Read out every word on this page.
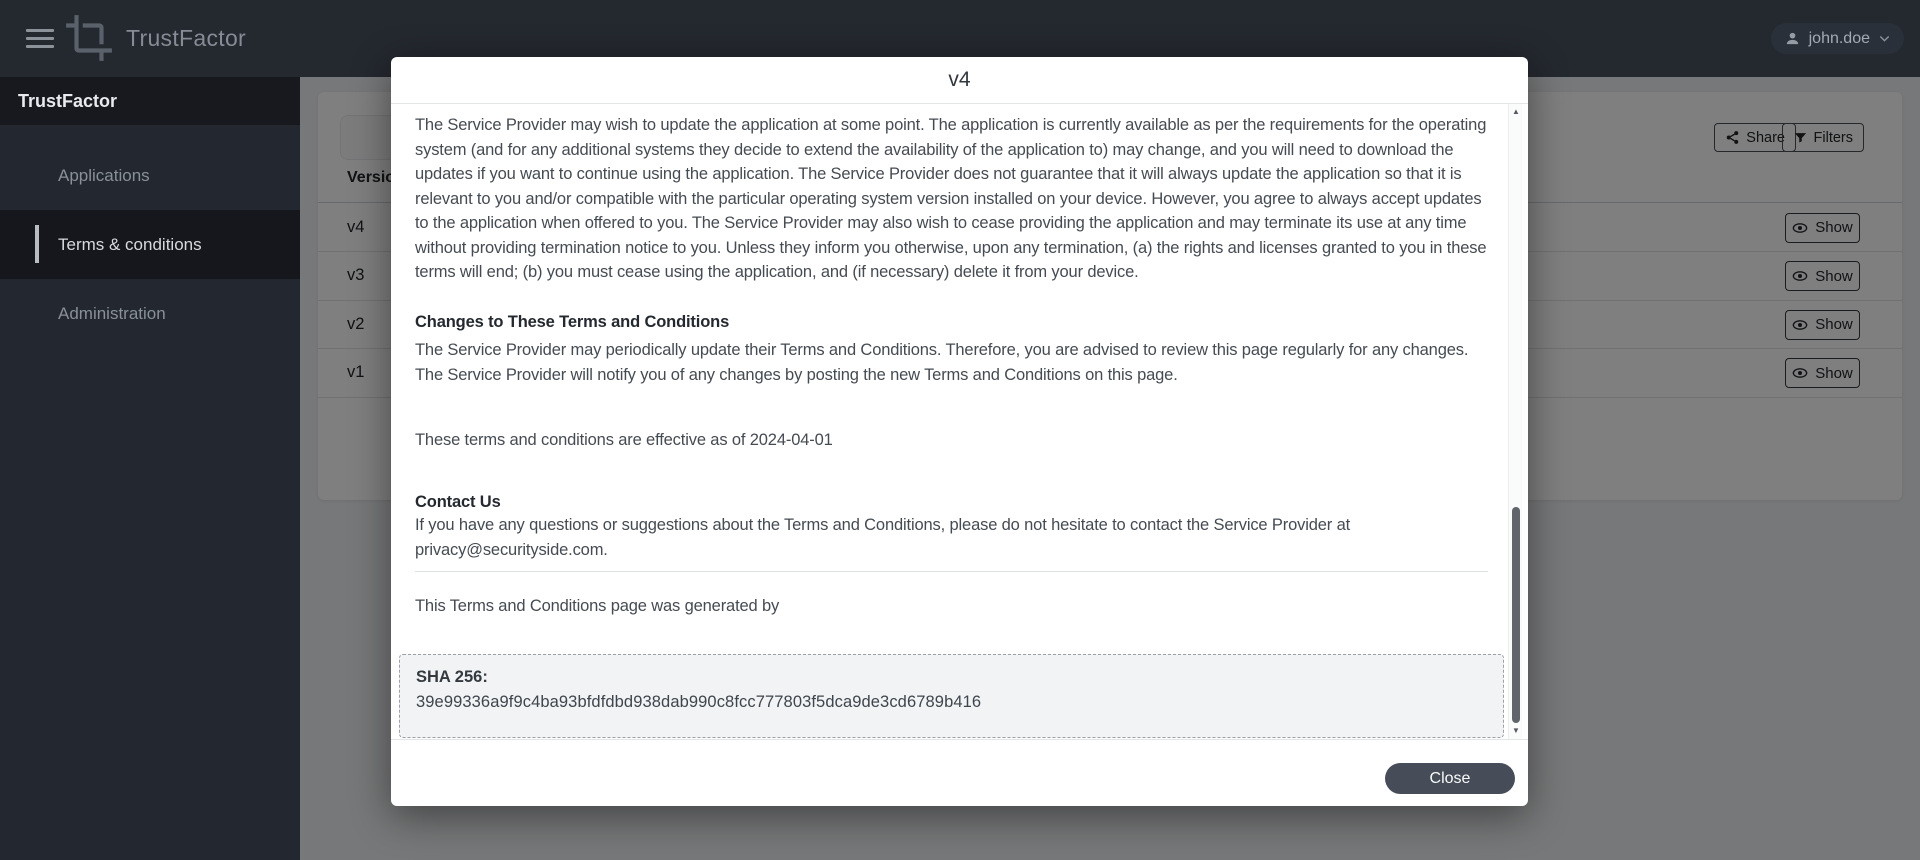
TrustFactor	john.doe
TrustFactor
Applications
Terms & conditions
Administration
v4

The Service Provider may wish to update the application at some point. The application is currently available as per the requirements for the operating system (and for any additional systems they decide to extend the availability of the application to) may change, and you will need to download the updates if you want to continue using the application. The Service Provider does not guarantee that it will always update the application so that it is relevant to you and/or compatible with the particular operating system version installed on your device. However, you agree to always accept updates to the application when offered to you. The Service Provider may also wish to cease providing the application and may terminate its use at any time without providing termination notice to you. Unless they inform you otherwise, upon any termination, (a) the rights and licenses granted to you in these terms will end; (b) you must cease using the application, and (if necessary) delete it from your device.

Changes to These Terms and Conditions

The Service Provider may periodically update their Terms and Conditions. Therefore, you are advised to review this page regularly for any changes. The Service Provider will notify you of any changes by posting the new Terms and Conditions on this page.

These terms and conditions are effective as of 2024-04-01

Contact Us

If you have any questions or suggestions about the Terms and Conditions, please do not hesitate to contact the Service Provider at privacy@securityside.com.

This Terms and Conditions page was generated by

SHA 256:
39e99336a9f9c4ba93bfdfdbd938dab990c8fcc777803f5dca9de3cd6789b416
▲
▼
Close
